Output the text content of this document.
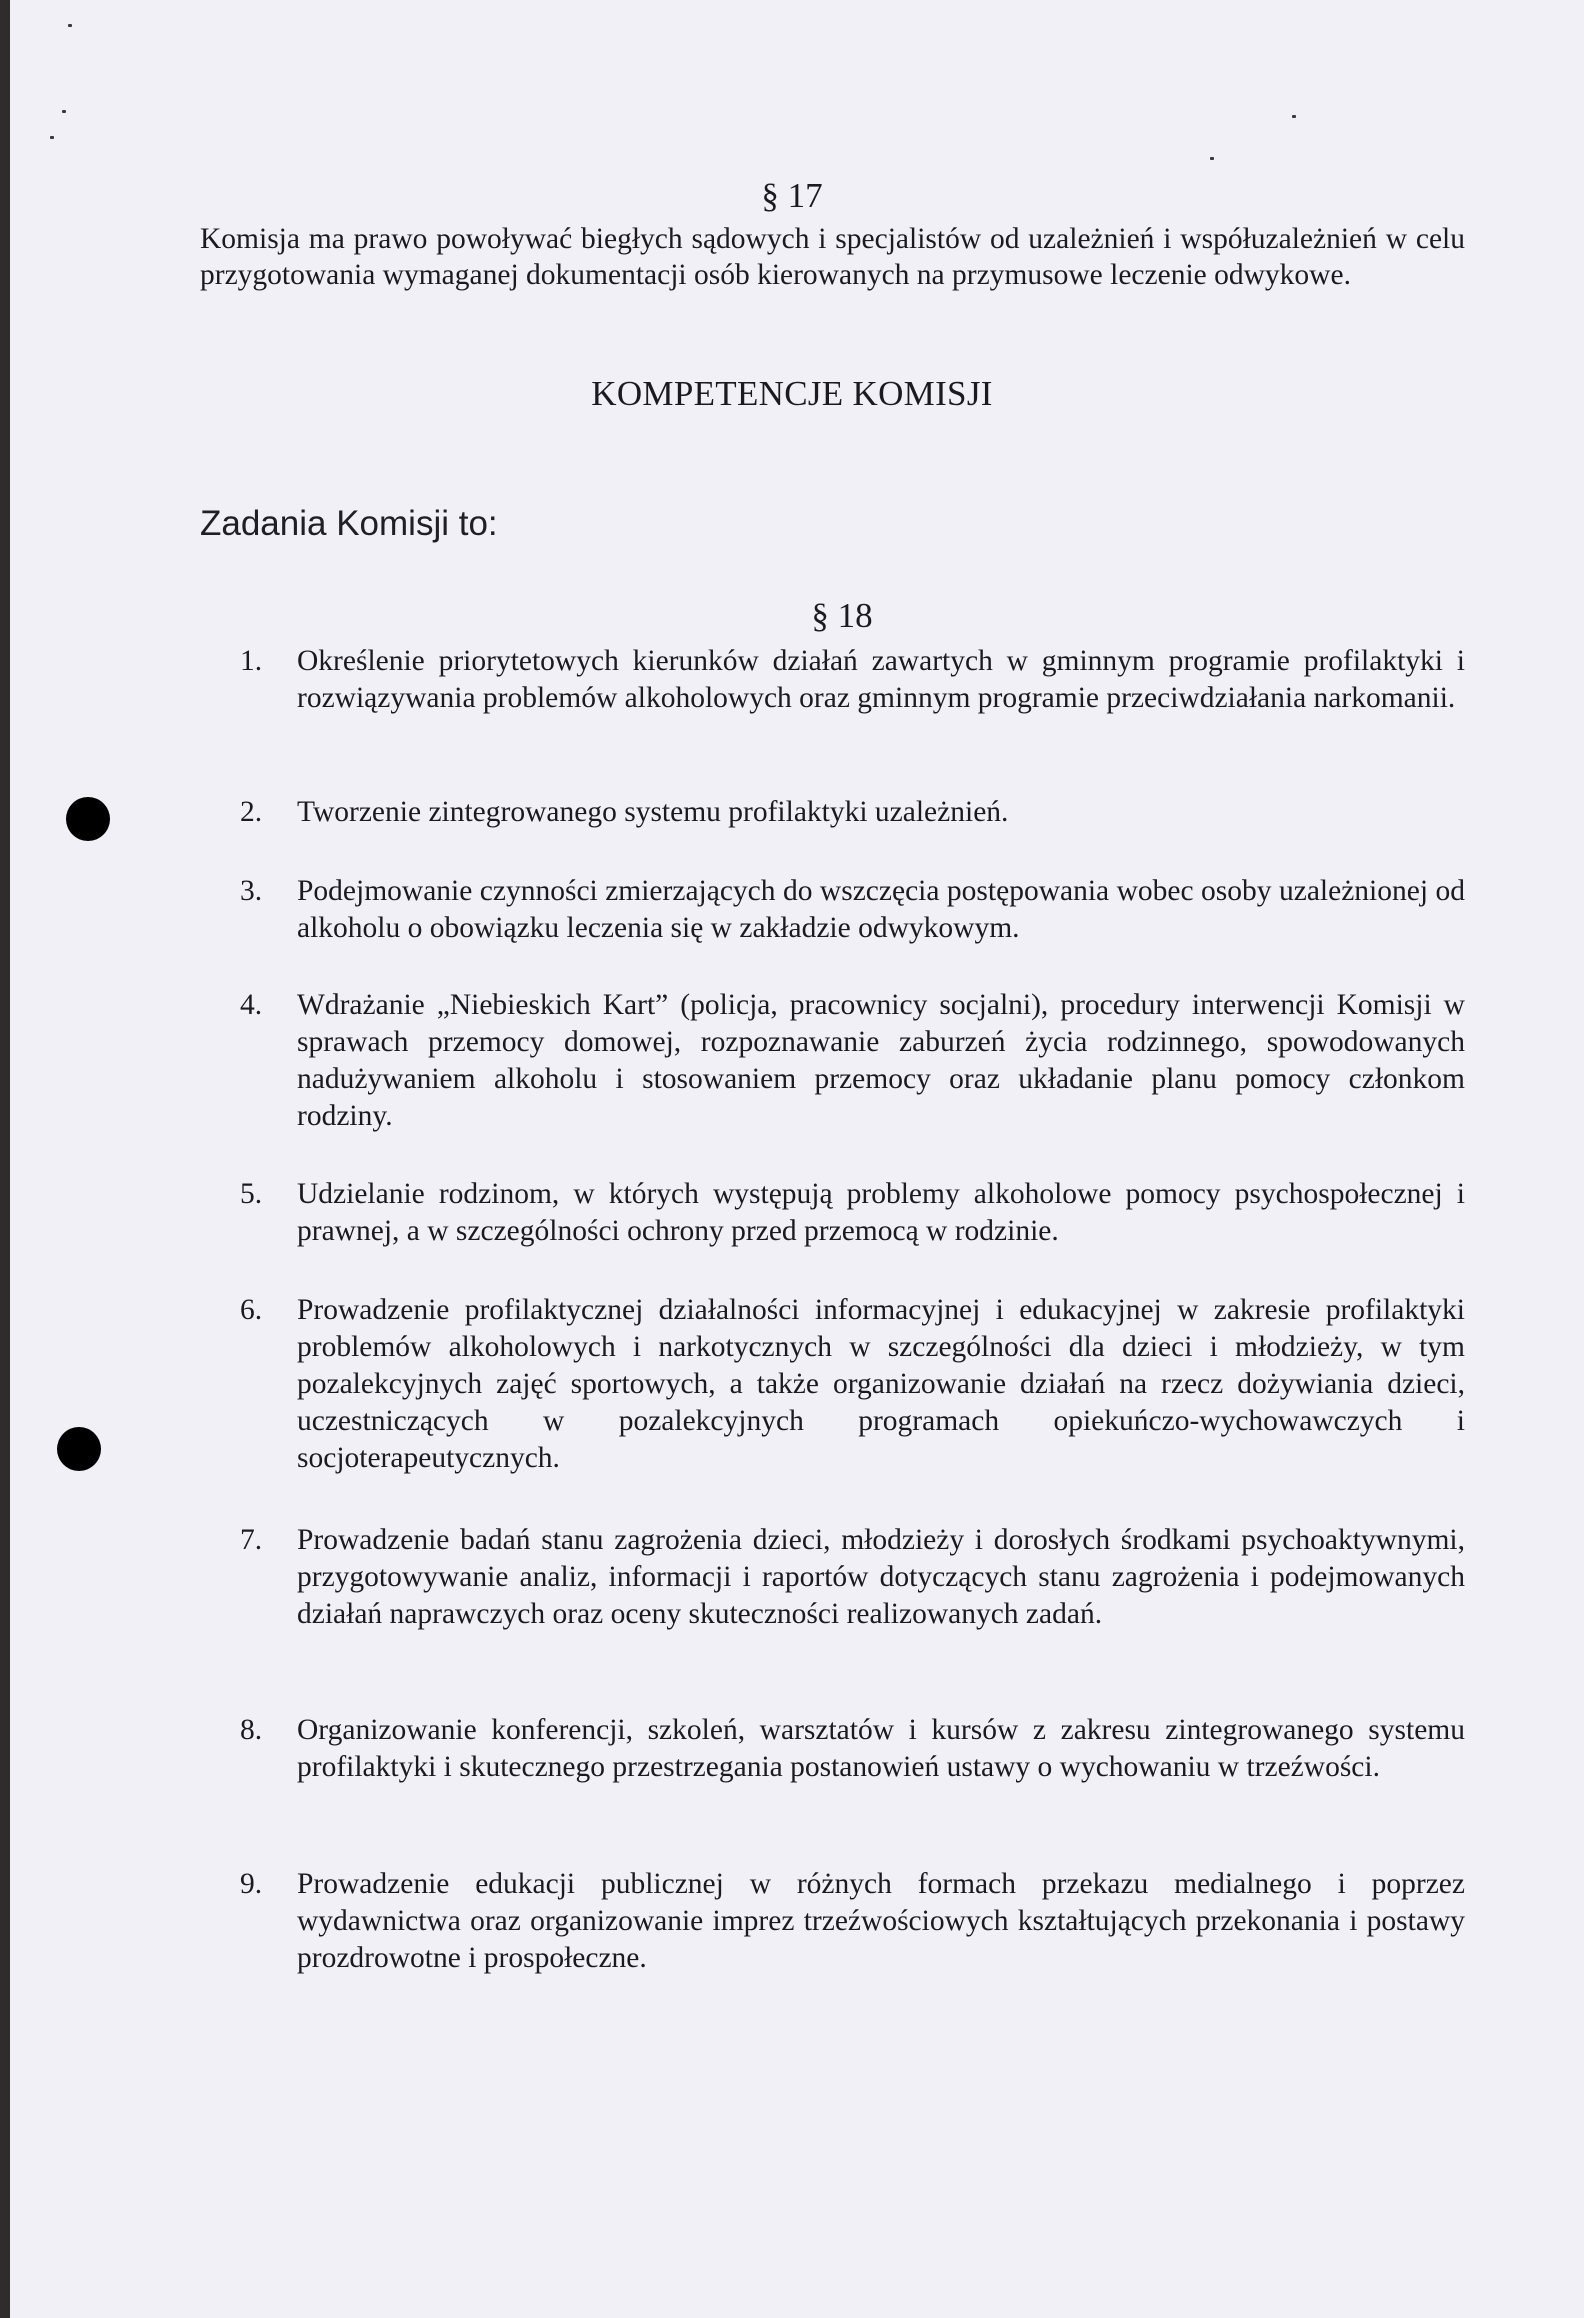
§ 17

Komisja ma prawo powoływać biegłych sądowych i specjalistów od uzależnień i współuzależnień w celu przygotowania wymaganej dokumentacji osób kierowanych na przymusowe leczenie odwykowe.

KOMPETENCJE KOMISJI
Zadania Komisji to:
§ 18
1.	Określenie priorytetowych kierunków działań zawartych w gminnym programie profilaktyki i rozwiązywania problemów alkoholowych oraz gminnym programie przeciwdziałania narkomanii.
2.	Tworzenie zintegrowanego systemu profilaktyki uzależnień.
3.	Podejmowanie czynności zmierzających do wszczęcia postępowania wobec osoby uzależnionej od alkoholu o obowiązku leczenia się w zakładzie odwykowym.
4.	Wdrażanie „Niebieskich Kart” (policja, pracownicy socjalni), procedury interwencji Komisji w sprawach przemocy domowej, rozpoznawanie zaburzeń życia rodzinnego, spowodowanych nadużywaniem alkoholu i stosowaniem przemocy oraz układanie planu pomocy członkom rodziny.
5.	Udzielanie rodzinom, w których występują problemy alkoholowe pomocy psychospołecznej i prawnej, a w szczególności ochrony przed przemocą w rodzinie.
6.	Prowadzenie profilaktycznej działalności informacyjnej i edukacyjnej w zakresie profilaktyki problemów alkoholowych i narkotycznych w szczególności dla dzieci i młodzieży, w tym pozalekcyjnych zajęć sportowych, a także organizowanie działań na rzecz dożywiania dzieci, uczestniczących w pozalekcyjnych programach opiekuńczo-wychowawczych i socjoterapeutycznych.
7.	Prowadzenie badań stanu zagrożenia dzieci, młodzieży i dorosłych środkami psychoaktywnymi, przygotowywanie analiz, informacji i raportów dotyczących stanu zagrożenia i podejmowanych działań naprawczych oraz oceny skuteczności realizowanych zadań.
8.	Organizowanie konferencji, szkoleń, warsztatów i kursów z zakresu zintegrowanego systemu profilaktyki i skutecznego przestrzegania postanowień ustawy o wychowaniu w trzeźwości.
9.	Prowadzenie edukacji publicznej w różnych formach przekazu medialnego i poprzez wydawnictwa oraz organizowanie imprez trzeźwościowych kształtujących przekonania i postawy prozdrowotne i prospołeczne.
